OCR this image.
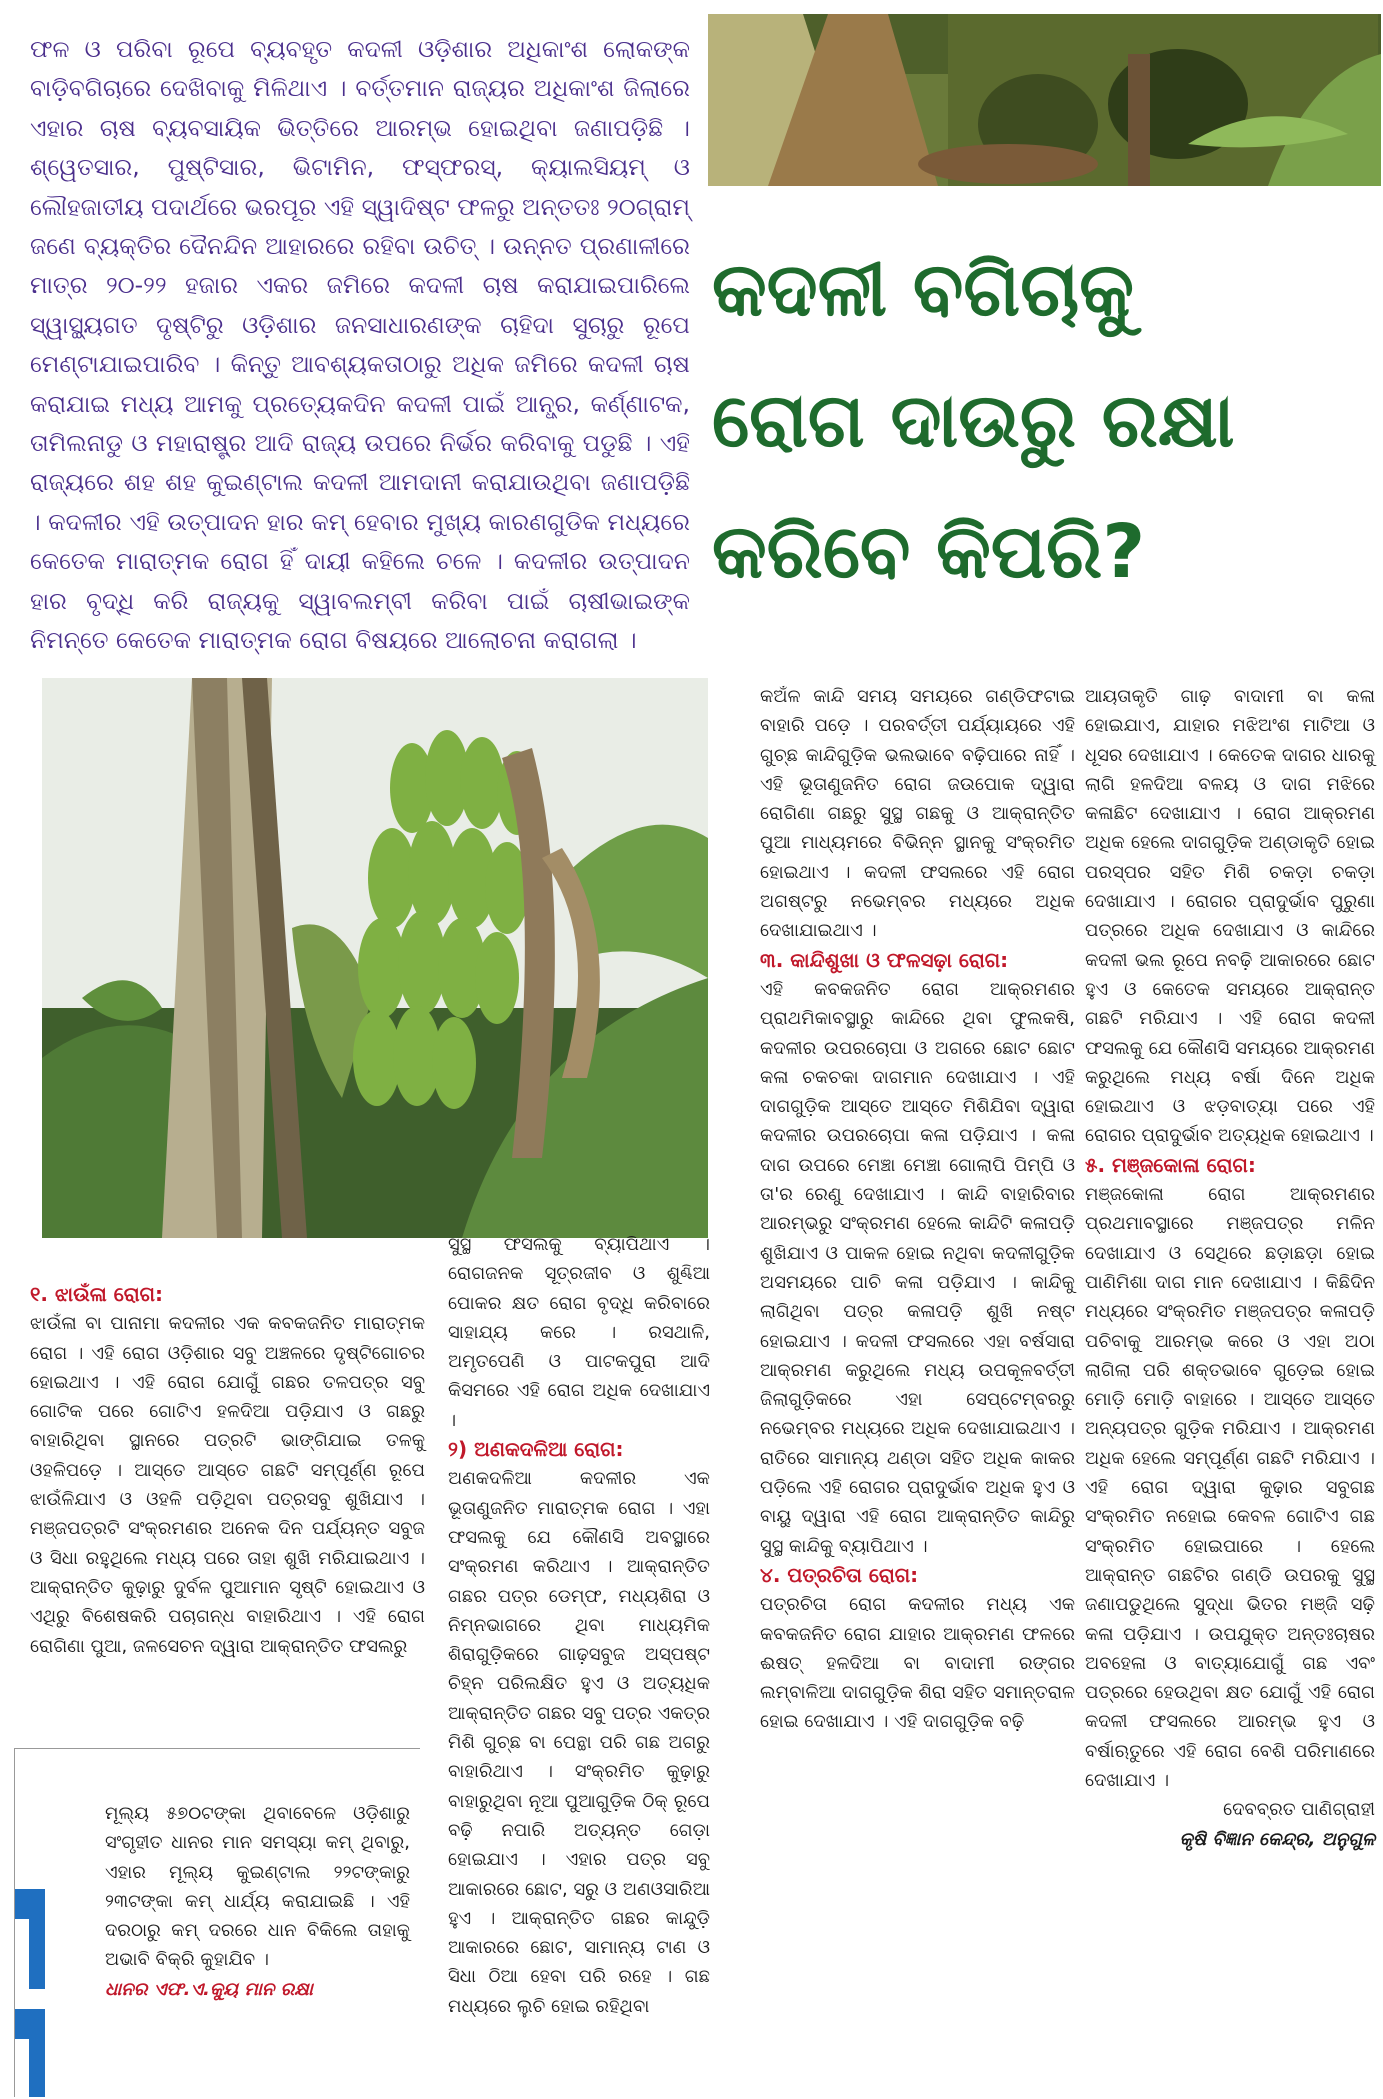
ଫଳ ଓ ପରିବା ରୂପେ ବ୍ୟବହୃତ କଦଳୀ ଓଡ଼ିଶାର ଅଧିକାଂଶ ଲୋକଙ୍କ ବାଡ଼ିବଗିଚାରେ ଦେଖିବାକୁ ମିଳିଥାଏ । ବର୍ତ୍ତମାନ ରାଜ୍ୟର ଅଧିକାଂଶ ଜିଲାରେ ଏହାର ଚାଷ ବ୍ୟବସାୟିକ ଭିତ୍ତିରେ ଆରମ୍ଭ ହୋଇଥିବା ଜଣାପଡ଼ିଛି । ଶ୍ୱେତସାର, ପୁଷ୍ଟିସାର, ଭିଟାମିନ, ଫସ୍‌ଫରସ୍, କ୍ୟାଲସିୟମ୍ ଓ ଲୌହଜାତୀୟ ପଦାର୍ଥରେ ଭରପୂର ଏହି ସ୍ୱାଦିଷ୍ଟ ଫଳରୁ ଅନ୍ତତଃ ୨୦ଗ୍ରାମ୍ ଜଣେ ବ୍ୟକ୍ତିର ଦୈନନ୍ଦିନ ଆହାରରେ ରହିବା ଉଚିତ୍ । ଉନ୍ନତ ପ୍ରଣାଳୀରେ ମାତ୍ର ୨୦-୨୨ ହଜାର ଏକର ଜମିରେ କଦଳୀ ଚାଷ କରାଯାଇପାରିଲେ ସ୍ୱାସ୍ଥ୍ୟଗତ ଦୃଷ୍ଟିରୁ ଓଡ଼ିଶାର ଜନସାଧାରଣଙ୍କ ଚାହିଦା ସୁଚାରୁ ରୂପେ ମେଣ୍ଟାଯାଇପାରିବ । କିନ୍ତୁ ଆବଶ୍ୟକତାଠାରୁ ଅଧିକ ଜମିରେ କଦଳୀ ଚାଷ କରାଯାଇ ମଧ୍ୟ ଆମକୁ ପ୍ରତ୍ୟେକଦିନ କଦଳୀ ପାଇଁ ଆନ୍ଧ୍ର, କର୍ଣ୍ଣାଟକ, ତାମିଲନାଡୁ ଓ ମହାରାଷ୍ଟ୍ର ଆଦି ରାଜ୍ୟ ଉପରେ ନିର୍ଭର କରିବାକୁ ପଡୁଛି । ଏହି ରାଜ୍ୟରେ ଶହ ଶହ କୁଇଣ୍ଟାଲ କଦଳୀ ଆମଦାନୀ କରାଯାଉଥିବା ଜଣାପଡ଼ିଛି । କଦଳୀର ଏହି ଉତ୍ପାଦନ ହାର କମ୍ ହେବାର ମୁଖ୍ୟ କାରଣଗୁଡିକ ମଧ୍ୟରେ କେତେକ ମାରାତ୍ମକ ରୋଗ ହିଁ ଦାୟୀ କହିଲେ ଚଳେ । କଦଳୀର ଉତ୍ପାଦନ ହାର ବୃଦ୍ଧି କରି ରାଜ୍ୟକୁ ସ୍ୱାବଲମ୍ବୀ କରିବା ପାଇଁ ଚାଷୀଭାଇଙ୍କ ନିମନ୍ତେ କେତେକ ମାରାତ୍ମକ ରୋଗ ବିଷୟରେ ଆଲୋଚନା କରାଗଲା ।

କଦଳୀ ବଗିଚାକୁ
ରୋଗ ଦାଉରୁ ରକ୍ଷା
କରିବେ କିପରି?

୧. ଝାଉଁଳା ରୋଗ:

ଝାଉଁଳା ବା ପାନାମା କଦଳୀର ଏକ କବକଜନିତ ମାରାତ୍ମକ ରୋଗ । ଏହି ରୋଗ ଓଡ଼ିଶାର ସବୁ ଅଞ୍ଚଳରେ ଦୃଷ୍ଟିଗୋଚର ହୋଇଥାଏ । ଏହି ରୋଗ ଯୋଗୁଁ ଗଛର ତଳପତ୍ର ସବୁ ଗୋଟିକ ପରେ ଗୋଟିଏ ହଳଦିଆ ପଡ଼ିଯାଏ ଓ ଗଛରୁ ବାହାରିଥିବା ସ୍ଥାନରେ ପତ୍ରଟି ଭାଙ୍ଗିଯାଇ ତଳକୁ ଓହଳିପଡ଼େ । ଆସ୍ତେ ଆସ୍ତେ ଗଛଟି ସମ୍ପୂର୍ଣ୍ଣ ରୂପେ ଝାଉଁଳିଯାଏ ଓ ଓହଳି ପଡ଼ିଥିବା ପତ୍ରସବୁ ଶୁଖିଯାଏ । ମଞ୍ଜପତ୍ରଟି ସଂକ୍ରମଣର ଅନେକ ଦିନ ପର୍ଯ୍ୟନ୍ତ ସବୁଜ ଓ ସିଧା ରହୁଥିଲେ ମଧ୍ୟ ପରେ ତାହା ଶୁଖି ମରିଯାଇଥାଏ । ଆକ୍ରାନ୍ତିତ କୁଢ଼ାରୁ ଦୁର୍ବଳ ପୁଆମାନ ସୃଷ୍ଟି ହୋଇଥାଏ ଓ ଏଥିରୁ ବିଶେଷକରି ପଚାଗନ୍ଧ ବାହାରିଥାଏ । ଏହି ରୋଗ ରୋଗିଣା ପୁଆ, ଜଳସେଚନ ଦ୍ୱାରା ଆକ୍ରାନ୍ତିତ ଫସଲରୁ

ସୁସ୍ଥ ଫସଲକୁ ବ୍ୟାପିଥାଏ । ରୋଗଜନକ ସୂତ୍ରଜୀବ ଓ ଶୁଣ୍ଢିଆ ପୋକର କ୍ଷତ ରୋଗ ବୃଦ୍ଧି କରିବାରେ ସାହାଯ୍ୟ କରେ । ରସଥାଳି, ଅମୃତପେଣି ଓ ପାଟକପୁରା ଆଦି କିସମରେ ଏହି ରୋଗ ଅଧିକ ଦେଖାଯାଏ ।

୨) ଅଣକଦଳିଆ ରୋଗ:

ଅଣକଦଳିଆ କଦଳୀର ଏକ ଭୂତାଣୁଜନିତ ମାରାତ୍ମକ ରୋଗ । ଏହା ଫସଲକୁ ଯେ କୌଣସି ଅବସ୍ଥାରେ ସଂକ୍ରମଣ କରିଥାଏ । ଆକ୍ରାନ୍ତିତ ଗଛର ପତ୍ର ଡେମ୍ଫ, ମଧ୍ୟଶିରା ଓ ନିମ୍ନଭାଗରେ ଥିବା ମାଧ୍ୟମିକ ଶିରାଗୁଡ଼ିକରେ ଗାଢ଼ସବୁଜ ଅସ୍ପଷ୍ଟ ଚିହ୍ନ ପରିଲକ୍ଷିତ ହୁଏ ଓ ଅତ୍ୟଧିକ ଆକ୍ରାନ୍ତିତ ଗଛର ସବୁ ପତ୍ର ଏକତ୍ର ମିଶି ଗୁଚ୍ଛ ବା ପେନ୍ଥା ପରି ଗଛ ଅଗରୁ ବାହାରିଥାଏ । ସଂକ୍ରମିତ କୁଢ଼ାରୁ ବାହାରୁଥିବା ନୂଆ ପୁଆଗୁଡ଼ିକ ଠିକ୍ ରୂପେ ବଢ଼ି ନପାରି ଅତ୍ୟନ୍ତ ଗେଡ଼ା ହୋଇଯାଏ । ଏହାର ପତ୍ର ସବୁ ଆକାରରେ ଛୋଟ, ସରୁ ଓ ଅଣଓସାରିଆ ହୁଏ । ଆକ୍ରାନ୍ତିତ ଗଛର କାନ୍ଦୁଡ଼ି ଆକାରରେ ଛୋଟ, ସାମାନ୍ୟ ଟାଣ ଓ ସିଧା ଠିଆ ହେବା ପରି ରହେ । ଗଛ ମଧ୍ୟରେ ଲୁଚି ହୋଇ ରହିଥିବା

କଅଁଳ କାନ୍ଦି ସମୟ ସମୟରେ ଗଣ୍ଡିଫଟାଇ ବାହାରି ପଡ଼େ । ପରବର୍ତ୍ତୀ ପର୍ଯ୍ୟାୟରେ ଏହି ଗୁଚ୍ଛ କାନ୍ଦିଗୁଡ଼ିକ ଭଲଭାବେ ବଢ଼ିପାରେ ନାହିଁ । ଏହି ଭୂତାଣୁଜନିତ ରୋଗ ଜଉପୋକ ଦ୍ୱାରା ରୋଗିଣା ଗଛରୁ ସୁସ୍ଥ ଗଛକୁ ଓ ଆକ୍ରାନ୍ତିତ ପୁଆ ମାଧ୍ୟମରେ ବିଭିନ୍ନ ସ୍ଥାନକୁ ସଂକ୍ରମିତ ହୋଇଥାଏ । କଦଳୀ ଫସଲରେ ଏହି ରୋଗ ଅଗଷ୍ଟରୁ ନଭେମ୍ବର ମଧ୍ୟରେ ଅଧିକ ଦେଖାଯାଇଥାଏ ।

୩. କାନ୍ଦିଶୁଖା ଓ ଫଳସଢ଼ା ରୋଗ:

ଏହି କବକଜନିତ ରୋଗ ଆକ୍ରମଣର ପ୍ରାଥମିକାବସ୍ଥାରୁ କାନ୍ଦିରେ ଥିବା ଫୁଲକଷି, କଦଳୀର ଉପରଚୋପା ଓ ଅଗରେ ଛୋଟ ଛୋଟ କଳା ଚକଚକା ଦାଗମାନ ଦେଖାଯାଏ । ଏହି ଦାଗଗୁଡ଼ିକ ଆସ୍ତେ ଆସ୍ତେ ମିଶିଯିବା ଦ୍ୱାରା କଦଳୀର ଉପରଚୋପା କଳା ପଡ଼ିଯାଏ । କଳା ଦାଗ ଉପରେ ମେଞ୍ଚା ମେଞ୍ଚା ଗୋଲାପି ପିମ୍ପି ଓ ତା'ର ରେଣୁ ଦେଖାଯାଏ । କାନ୍ଦି ବାହାରିବାର ଆରମ୍ଭରୁ ସଂକ୍ରମଣ ହେଲେ କାନ୍ଦିଟି କଳାପଡ଼ି ଶୁଖିଯାଏ ଓ ପାକଳ ହୋଇ ନଥିବା କଦଳୀଗୁଡ଼ିକ ଅସମୟରେ ପାଚି କଳା ପଡ଼ିଯାଏ । କାନ୍ଦିକୁ ଲାଗିଥିବା ପତ୍ର କଳାପଡ଼ି ଶୁଖି ନଷ୍ଟ ହୋଇଯାଏ । କଦଳୀ ଫସଲରେ ଏହା ବର୍ଷସାରା ଆକ୍ରମଣ କରୁଥିଲେ ମଧ୍ୟ ଉପକୂଳବର୍ତ୍ତୀ ଜିଲାଗୁଡ଼ିକରେ ଏହା ସେପ୍ଟେମ୍ବରରୁ ନଭେମ୍ବର ମଧ୍ୟରେ ଅଧିକ ଦେଖାଯାଇଥାଏ । ରାତିରେ ସାମାନ୍ୟ ଥଣ୍ଡା ସହିତ ଅଧିକ କାକର ପଡ଼ିଲେ ଏହି ରୋଗର ପ୍ରାଦୁର୍ଭାବ ଅଧିକ ହୁଏ ଓ ବାୟୁ ଦ୍ୱାରା ଏହି ରୋଗ ଆକ୍ରାନ୍ତିତ କାନ୍ଦିରୁ ସୁସ୍ଥ କାନ୍ଦିକୁ ବ୍ୟାପିଥାଏ ।

୪. ପତ୍ରଚିତା ରୋଗ:

ପତ୍ରଚିତା ରୋଗ କଦଳୀର ମଧ୍ୟ ଏକ କବକଜନିତ ରୋଗ ଯାହାର ଆକ୍ରମଣ ଫଳରେ ଈଷତ୍ ହଳଦିଆ ବା ବାଦାମୀ ରଙ୍ଗର ଲମ୍ବାଳିଆ ଦାଗଗୁଡ଼ିକ ଶିରା ସହିତ ସମାନ୍ତରାଳ ହୋଇ ଦେଖାଯାଏ । ଏହି ଦାଗଗୁଡ଼ିକ ବଢ଼ି

ଆୟତାକୃତି ଗାଢ଼ ବାଦାମୀ ବା କଳା ହୋଇଯାଏ, ଯାହାର ମଝିଅଂଶ ମାଟିଆ ଓ ଧୂସର ଦେଖାଯାଏ । କେତେକ ଦାଗର ଧାରକୁ ଲାଗି ହଳଦିଆ ବଳୟ ଓ ଦାଗ ମଝିରେ କଳାଛିଟ ଦେଖାଯାଏ । ରୋଗ ଆକ୍ରମଣ ଅଧିକ ହେଲେ ଦାଗଗୁଡ଼ିକ ଅଣ୍ଡାକୃତି ହୋଇ ପରସ୍ପର ସହିତ ମିଶି ଚକଡ଼ା ଚକଡ଼ା ଦେଖାଯାଏ । ରୋଗର ପ୍ରାଦୁର୍ଭାବ ପୁରୁଣା ପତ୍ରରେ ଅଧିକ ଦେଖାଯାଏ ଓ କାନ୍ଦିରେ କଦଳୀ ଭଲ ରୂପେ ନବଢ଼ି ଆକାରରେ ଛୋଟ ହୁଏ ଓ କେତେକ ସମୟରେ ଆକ୍ରାନ୍ତ ଗଛଟି ମରିଯାଏ । ଏହି ରୋଗ କଦଳୀ ଫସଲକୁ ଯେ କୌଣସି ସମୟରେ ଆକ୍ରମଣ କରୁଥିଲେ ମଧ୍ୟ ବର୍ଷା ଦିନେ ଅଧିକ ହୋଇଥାଏ ଓ ଝଡ଼ବାତ୍ୟା ପରେ ଏହି ରୋଗର ପ୍ରାଦୁର୍ଭାବ ଅତ୍ୟଧିକ ହୋଇଥାଏ ।

୫. ମଞ୍ଜକୋଳା ରୋଗ:

ମଞ୍ଜକୋଳା ରୋଗ ଆକ୍ରମଣର ପ୍ରଥମାବସ୍ଥାରେ ମଞ୍ଜପତ୍ର ମଳିନ ଦେଖାଯାଏ ଓ ସେଥିରେ ଛଡ଼ାଛଡ଼ା ହୋଇ ପାଣିମିଶା ଦାଗ ମାନ ଦେଖାଯାଏ । କିଛିଦିନ ମଧ୍ୟରେ ସଂକ୍ରମିତ ମଞ୍ଜପତ୍ର କଳାପଡ଼ି ପଚିବାକୁ ଆରମ୍ଭ କରେ ଓ ଏହା ଅଠା ଲାଗିଲା ପରି ଶକ୍ତଭାବେ ଗୁଡ଼େଇ ହୋଇ ମୋଡ଼ି ମୋଡ଼ି ବାହାରେ । ଆସ୍ତେ ଆସ୍ତେ ଅନ୍ୟପତ୍ର ଗୁଡ଼ିକ ମରିଯାଏ । ଆକ୍ରମଣ ଅଧିକ ହେଲେ ସମ୍ପୂର୍ଣ୍ଣ ଗଛଟି ମରିଯାଏ । ଏହି ରୋଗ ଦ୍ୱାରା କୁଢ଼ାର ସବୁଗଛ ସଂକ୍ରମିତ ନହୋଇ କେବଳ ଗୋଟିଏ ଗଛ ସଂକ୍ରମିତ ହୋଇପାରେ । ହେଲେ ଆକ୍ରାନ୍ତ ଗଛଟିର ଗଣ୍ଡି ଉପରକୁ ସୁସ୍ଥ ଜଣାପଡୁଥିଲେ ସୁଦ୍ଧା ଭିତର ମଞ୍ଜି ସଢ଼ି କଳା ପଡ଼ିଯାଏ । ଉପଯୁକ୍ତ ଅନ୍ତଃଚାଷର ଅବହେଳା ଓ ବାତ୍ୟାଯୋଗୁଁ ଗଛ ଏବଂ ପତ୍ରରେ ହେଉଥିବା କ୍ଷତ ଯୋଗୁଁ ଏହି ରୋଗ କଦଳୀ ଫସଲରେ ଆରମ୍ଭ ହୁଏ ଓ ବର୍ଷାଋତୁରେ ଏହି ରୋଗ ବେଶି ପରିମାଣରେ ଦେଖାଯାଏ ।

ଦେବବ୍ରତ ପାଣିଗ୍ରାହୀ

କୃଷି ବିଜ୍ଞାନ କେନ୍ଦ୍ର, ଅନୁଗୁଳ

ମୂଲ୍ୟ ୫୭୦ଟଙ୍କା ଥିବାବେଳେ ଓଡ଼ିଶାରୁ ସଂଗୃହୀତ ଧାନର ମାନ ସମସ୍ୟା କମ୍ ଥିବାରୁ, ଏହାର ମୂଲ୍ୟ କୁଇଣ୍ଟାଲ ୨୨ଟଙ୍କାରୁ ୨୩ଟଙ୍କା କମ୍ ଧାର୍ଯ୍ୟ କରାଯାଇଛି । ଏହି ଦରଠାରୁ କମ୍ ଦରରେ ଧାନ ବିକିଲେ ତାହାକୁ ଅଭାବି ବିକ୍ରି କୁହାଯିବ ।

ଧାନର ଏଫ.ଏ.କ୍ୟୁ ମାନ ରକ୍ଷା
